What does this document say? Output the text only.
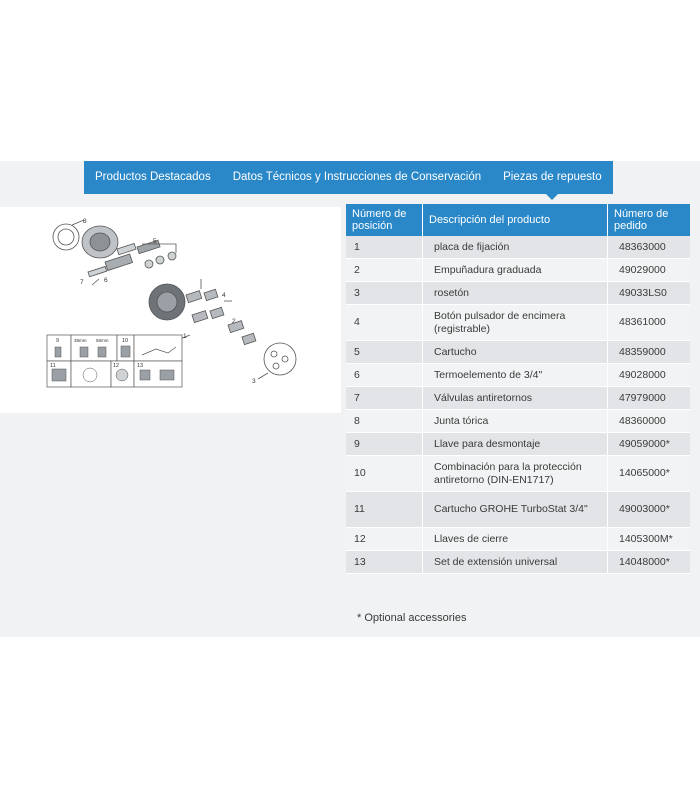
Productos Destacados	Datos Técnicos y Instrucciones de Conservación	Piezas de repuesto
8
5
7	6
4
2
1
3
9	10
11	12	13
38mm 58mm
Número de posición	Descripción del producto	Número de pedido
1	placa de fijación	48363000
2	Empuñadura graduada	49029000
3	rosetón	49033LS0
4	Botón pulsador de encimera (registrable)	48361000
5	Cartucho	48359000
6	Termoelemento de 3/4"	49028000
7	Válvulas antiretornos	47979000
8	Junta tórica	48360000
9	Llave para desmontaje	49059000*
10	Combinación para la protección antiretorno (DIN-EN1717)	14065000*
11	Cartucho GROHE TurboStat 3/4"	49003000*
12	Llaves de cierre	1405300M*
13	Set de extensión universal	14048000*
* Optional accessories
